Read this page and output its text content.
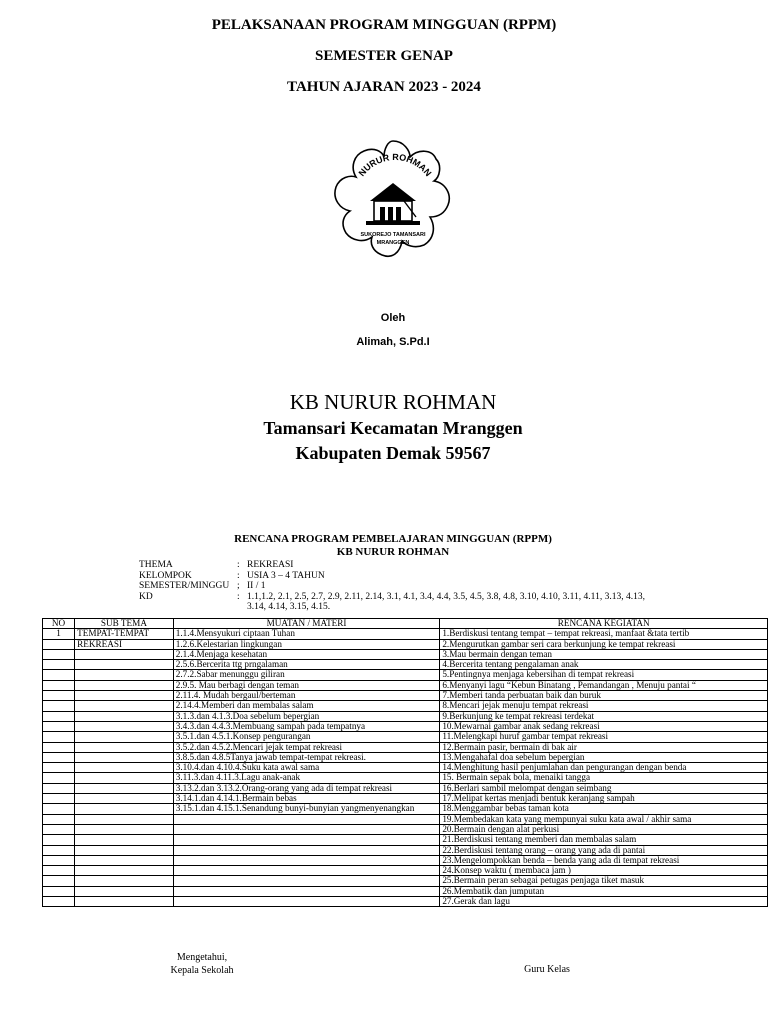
PELAKSANAAN PROGRAM MINGGUAN (RPPM)
SEMESTER GENAP
TAHUN AJARAN 2023 - 2024
NURUR ROHMAN
SUKOREJO TAMANSARI
MRANGGEN
Oleh
Alimah, S.Pd.I
KB NURUR ROHMAN
Tamansari Kecamatan Mranggen
Kabupaten Demak 59567
RENCANA PROGRAM PEMBELAJARAN MINGGUAN (RPPM)
KB NURUR ROHMAN
THEMA	: REKREASI
KELOMPOK	: USIA 3 – 4 TAHUN
SEMESTER/MINGGU ; II / 1
KD	: 1.1,1.2, 2.1, 2.5, 2.7, 2.9, 2.11, 2.14, 3.1, 4.1, 3.4, 4.4, 3.5, 4.5, 3.8, 4.8, 3.10, 4.10, 3.11, 4.11, 3.13, 4.13,
3.14, 4.14, 3.15, 4.15.
NO	SUB TEMA	MUATAN / MATERI	RENCANA KEGIATAN
1	TEMPAT-TEMPAT	1.1.4.Mensyukuri ciptaan Tuhan	1.Berdiskusi tentang tempat – tempat rekreasi, manfaat &tata tertib
	REKREASI	1.2.6.Kelestarian lingkungan	2.Mengurutkan gambar seri cara berkunjung ke tempat rekreasi
		2.1.4.Menjaga kesehatan	3.Mau bermain dengan teman
		2.5.6.Bercerita ttg prngalaman	4.Bercerita tentang pengalaman anak
		2.7.2.Sabar menunggu giliran	5.Pentingnya menjaga kebersihan di tempat rekreasi
		2.9.5. Mau berbagi dengan teman	6.Menyanyi lagu “Kebun Binatang , Pemandangan , Menuju pantai “
		2.11.4. Mudah bergaul/berteman	7.Memberi tanda perbuatan baik dan buruk
		2.14.4.Memberi dan membalas salam	8.Mencari jejak menuju tempat rekreasi
		3.1.3.dan 4.1.3.Doa sebelum bepergian	9.Berkunjung ke tempat rekreasi terdekat
		3.4.3.dan 4.4.3.Membuang sampah pada tempatnya	10.Mewarnai gambar anak sedang rekreasi
		3.5.1.dan 4.5.1.Konsep pengurangan	11.Melengkapi huruf gambar tempat rekreasi
		3.5.2.dan 4.5.2.Mencari jejak tempat rekreasi	12.Bermain pasir, bermain di bak air
		3.8.5.dan 4.8.5Tanya jawab tempat-tempat rekreasi.	13.Mengahafal doa sebelum bepergian
		3.10.4.dan 4.10.4.Suku kata awal sama	14.Menghitung hasil penjumlahan dan pengurangan dengan benda
		3.11.3.dan 4.11.3.Lagu anak-anak	15. Bermain sepak bola, menaiki tangga
		3.13.2.dan 3.13.2.Orang-orang yang ada di tempat rekreasi	16.Berlari sambil melompat dengan seimbang
		3.14.1.dan 4.14.1.Bermain bebas	17.Melipat kertas menjadi bentuk keranjang sampah
		3.15.1.dan 4.15.1.Senandung bunyi-bunyian yangmenyenangkan	18.Menggambar bebas taman kota
			19.Membedakan kata yang mempunyai suku kata awal / akhir sama
			20.Bermain dengan alat perkusi
			21.Berdiskusi tentang memberi dan membalas salam
			22.Berdiskusi tentang orang – orang yang ada di pantai
			23.Mengelompokkan benda – benda yang ada di tempat rekreasi
			24.Konsep waktu ( membaca jam )
			25.Bermain peran sebagai petugas penjaga tiket masuk
			26.Membatik dan jumputan
			27.Gerak dan lagu
Mengetahui,
Kepala Sekolah	Guru Kelas
